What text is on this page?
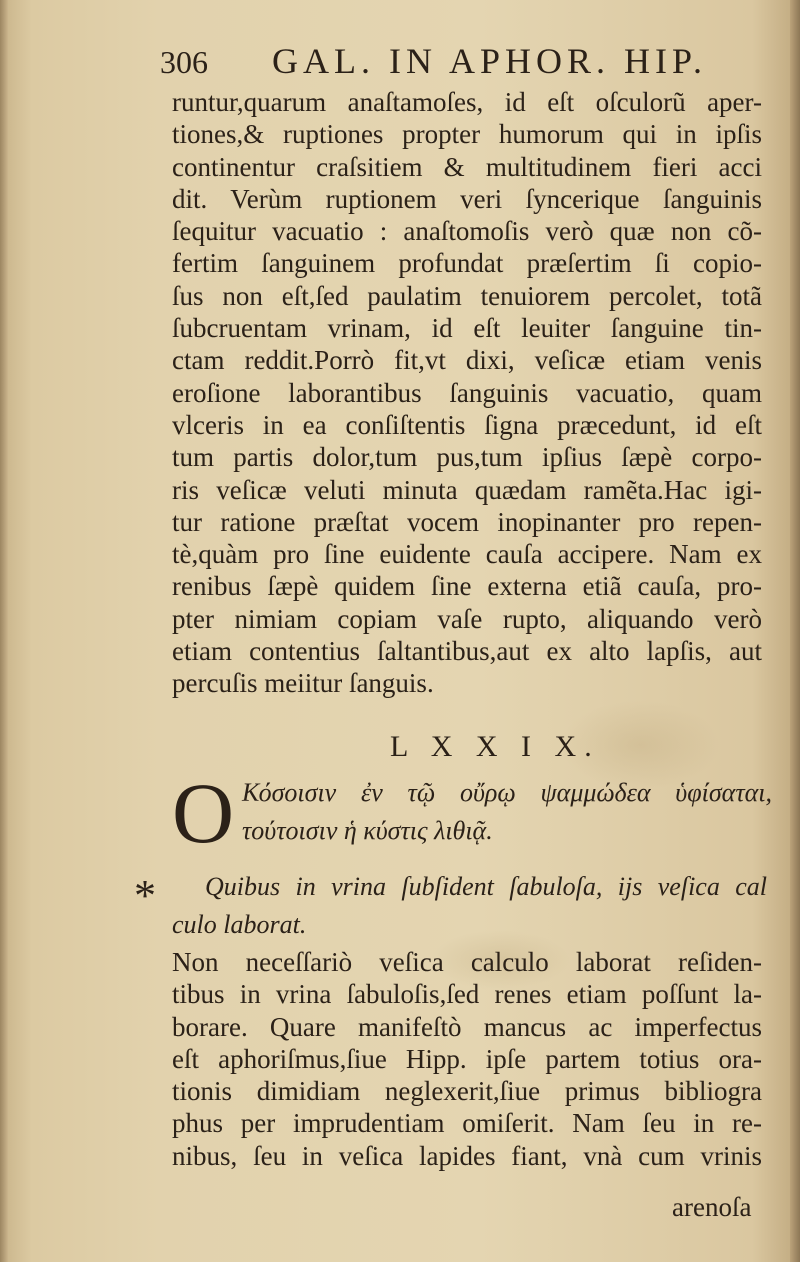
306 GAL. IN APHOR. HIP.
runtur,quarum anaſtamoſes, id eſt oſculorũ aper-
tiones,& ruptiones propter humorum qui in ipſis
continentur craſsitiem & multitudinem fieri acci
dit. Verùm ruptionem veri ſyncerique ſanguinis
ſequitur vacuatio : anaſtomoſis verò quæ non cõ-
fertim ſanguinem profundat præſertim ſi copio-
ſus non eſt,ſed paulatim tenuiorem percolet, totã
ſubcruentam vrinam, id eſt leuiter ſanguine tin-
ctam reddit.Porrò fit,vt dixi, veſicæ etiam venis
eroſione laborantibus ſanguinis vacuatio, quam
vlceris in ea conſiſtentis ſigna præcedunt, id eſt
tum partis dolor,tum pus,tum ipſius ſæpè corpo-
ris veſicæ veluti minuta quædam ramẽta.Hac igi-
tur ratione præſtat vocem inopinanter pro repen-
tè,quàm pro ſine euidente cauſa accipere. Nam ex
renibus ſæpè quidem ſine externa etiã cauſa, pro-
pter nimiam copiam vaſe rupto, aliquando verò
etiam contentius ſaltantibus,aut ex alto lapſis, aut
percuſis meiitur ſanguis.
L X X I X.
O Κόσοισιν ἐν τῷ οὔρῳ ψαμμώδεα ὑφίσαται,
τούτοισιν ἡ κύστις λιθιᾷ.
* Quibus in vrina ſubſident ſabuloſa, ijs veſica cal
culo laborat.
Non neceſſariò veſica calculo laborat reſiden-
tibus in vrina ſabuloſis,ſed renes etiam poſſunt la-
borare. Quare manifeſtò mancus ac imperfectus
eſt aphoriſmus,ſiue Hipp. ipſe partem totius ora-
tionis dimidiam neglexerit,ſiue primus bibliogra
phus per imprudentiam omiſerit. Nam ſeu in re-
nibus, ſeu in veſica lapides fiant, vnà cum vrinis
arenoſa
